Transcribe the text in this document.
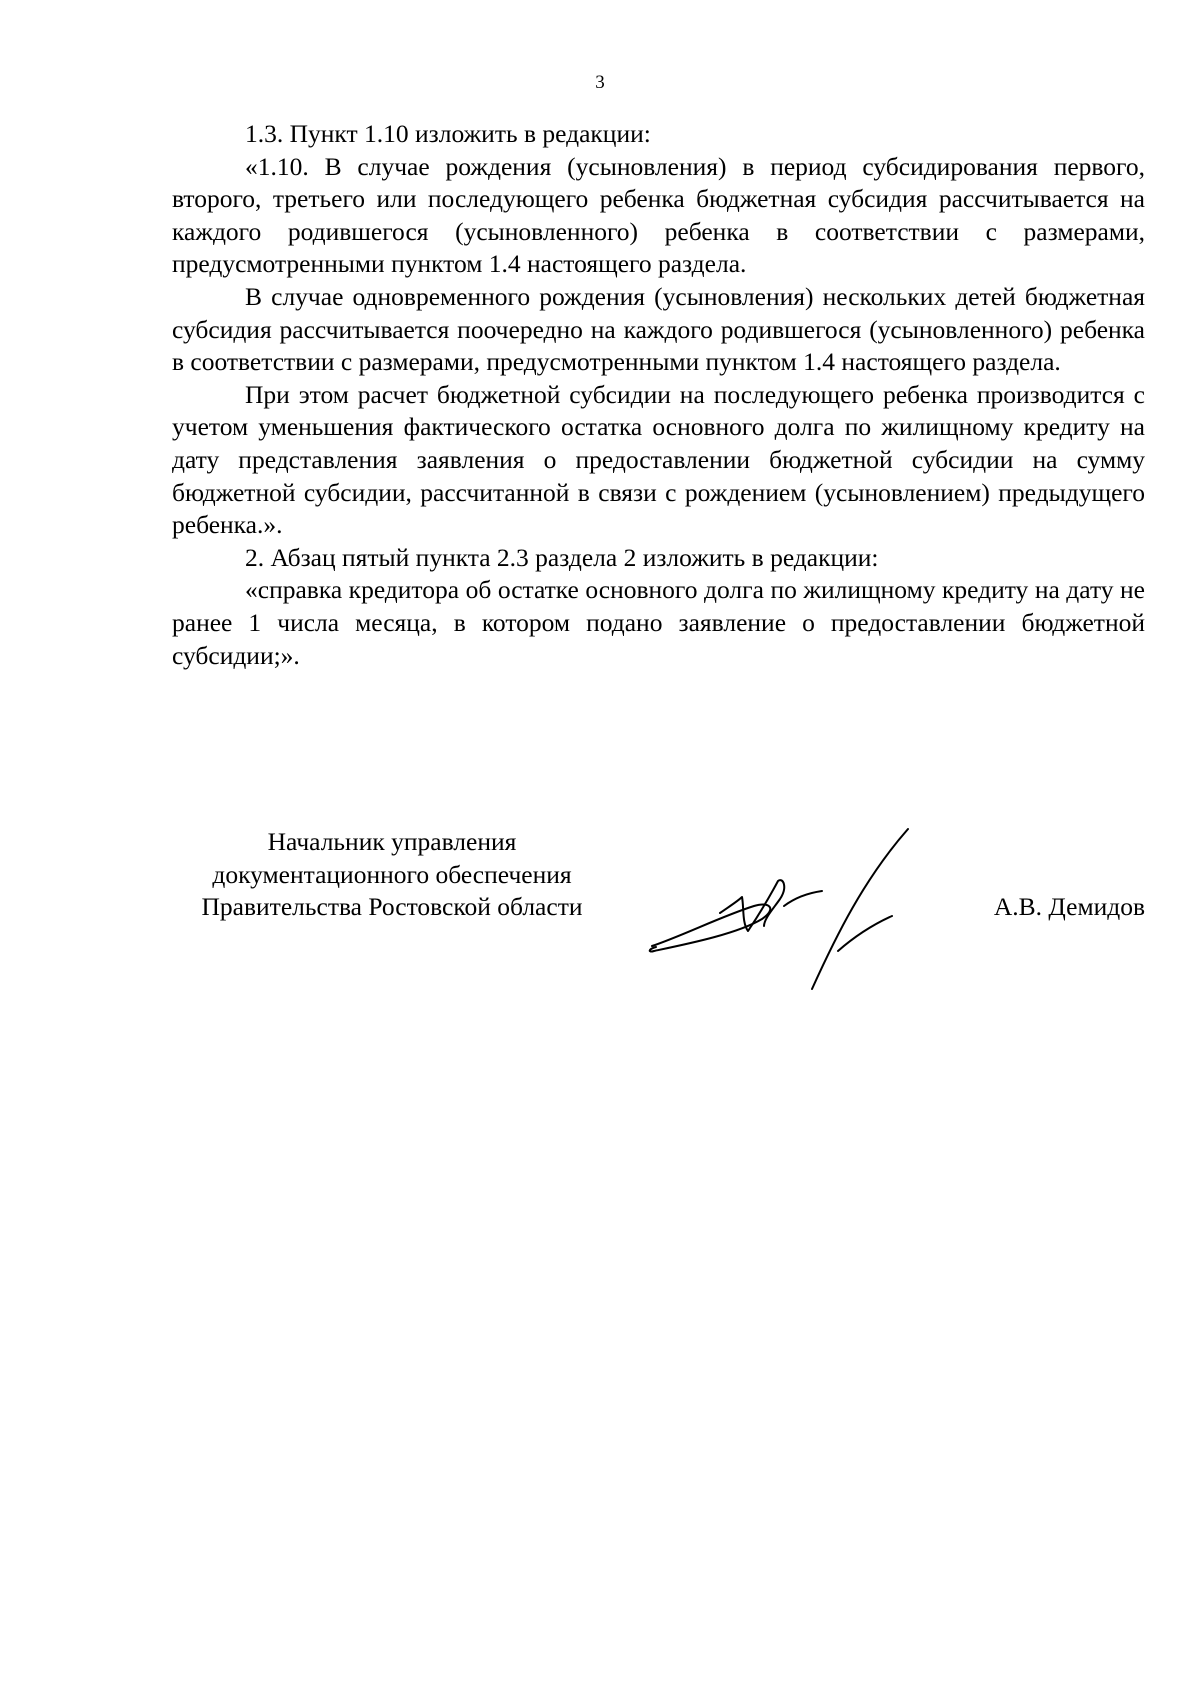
3

1.3. Пункт 1.10 изложить в редакции:

«1.10. В случае рождения (усыновления) в период субсидирования первого, второго, третьего или последующего ребенка бюджетная субсидия рассчитывается на каждого родившегося (усыновленного) ребенка в соответствии с размерами, предусмотренными пунктом 1.4 настоящего раздела.

В случае одновременного рождения (усыновления) нескольких детей бюджетная субсидия рассчитывается поочередно на каждого родившегося (усыновленного) ребенка в соответствии с размерами, предусмотренными пунктом 1.4 настоящего раздела.

При этом расчет бюджетной субсидии на последующего ребенка производится с учетом уменьшения фактического остатка основного долга по жилищному кредиту на дату представления заявления о предоставлении бюджетной субсидии на сумму бюджетной субсидии, рассчитанной в связи с рождением (усыновлением) предыдущего ребенка.».

2. Абзац пятый пункта 2.3 раздела 2 изложить в редакции:

«справка кредитора об остатке основного долга по жилищному кредиту на дату не ранее 1 числа месяца, в котором подано заявление о предоставлении бюджетной субсидии;».

Начальник управления
документационного обеспечения
Правительства Ростовской области	А.В. Демидов
